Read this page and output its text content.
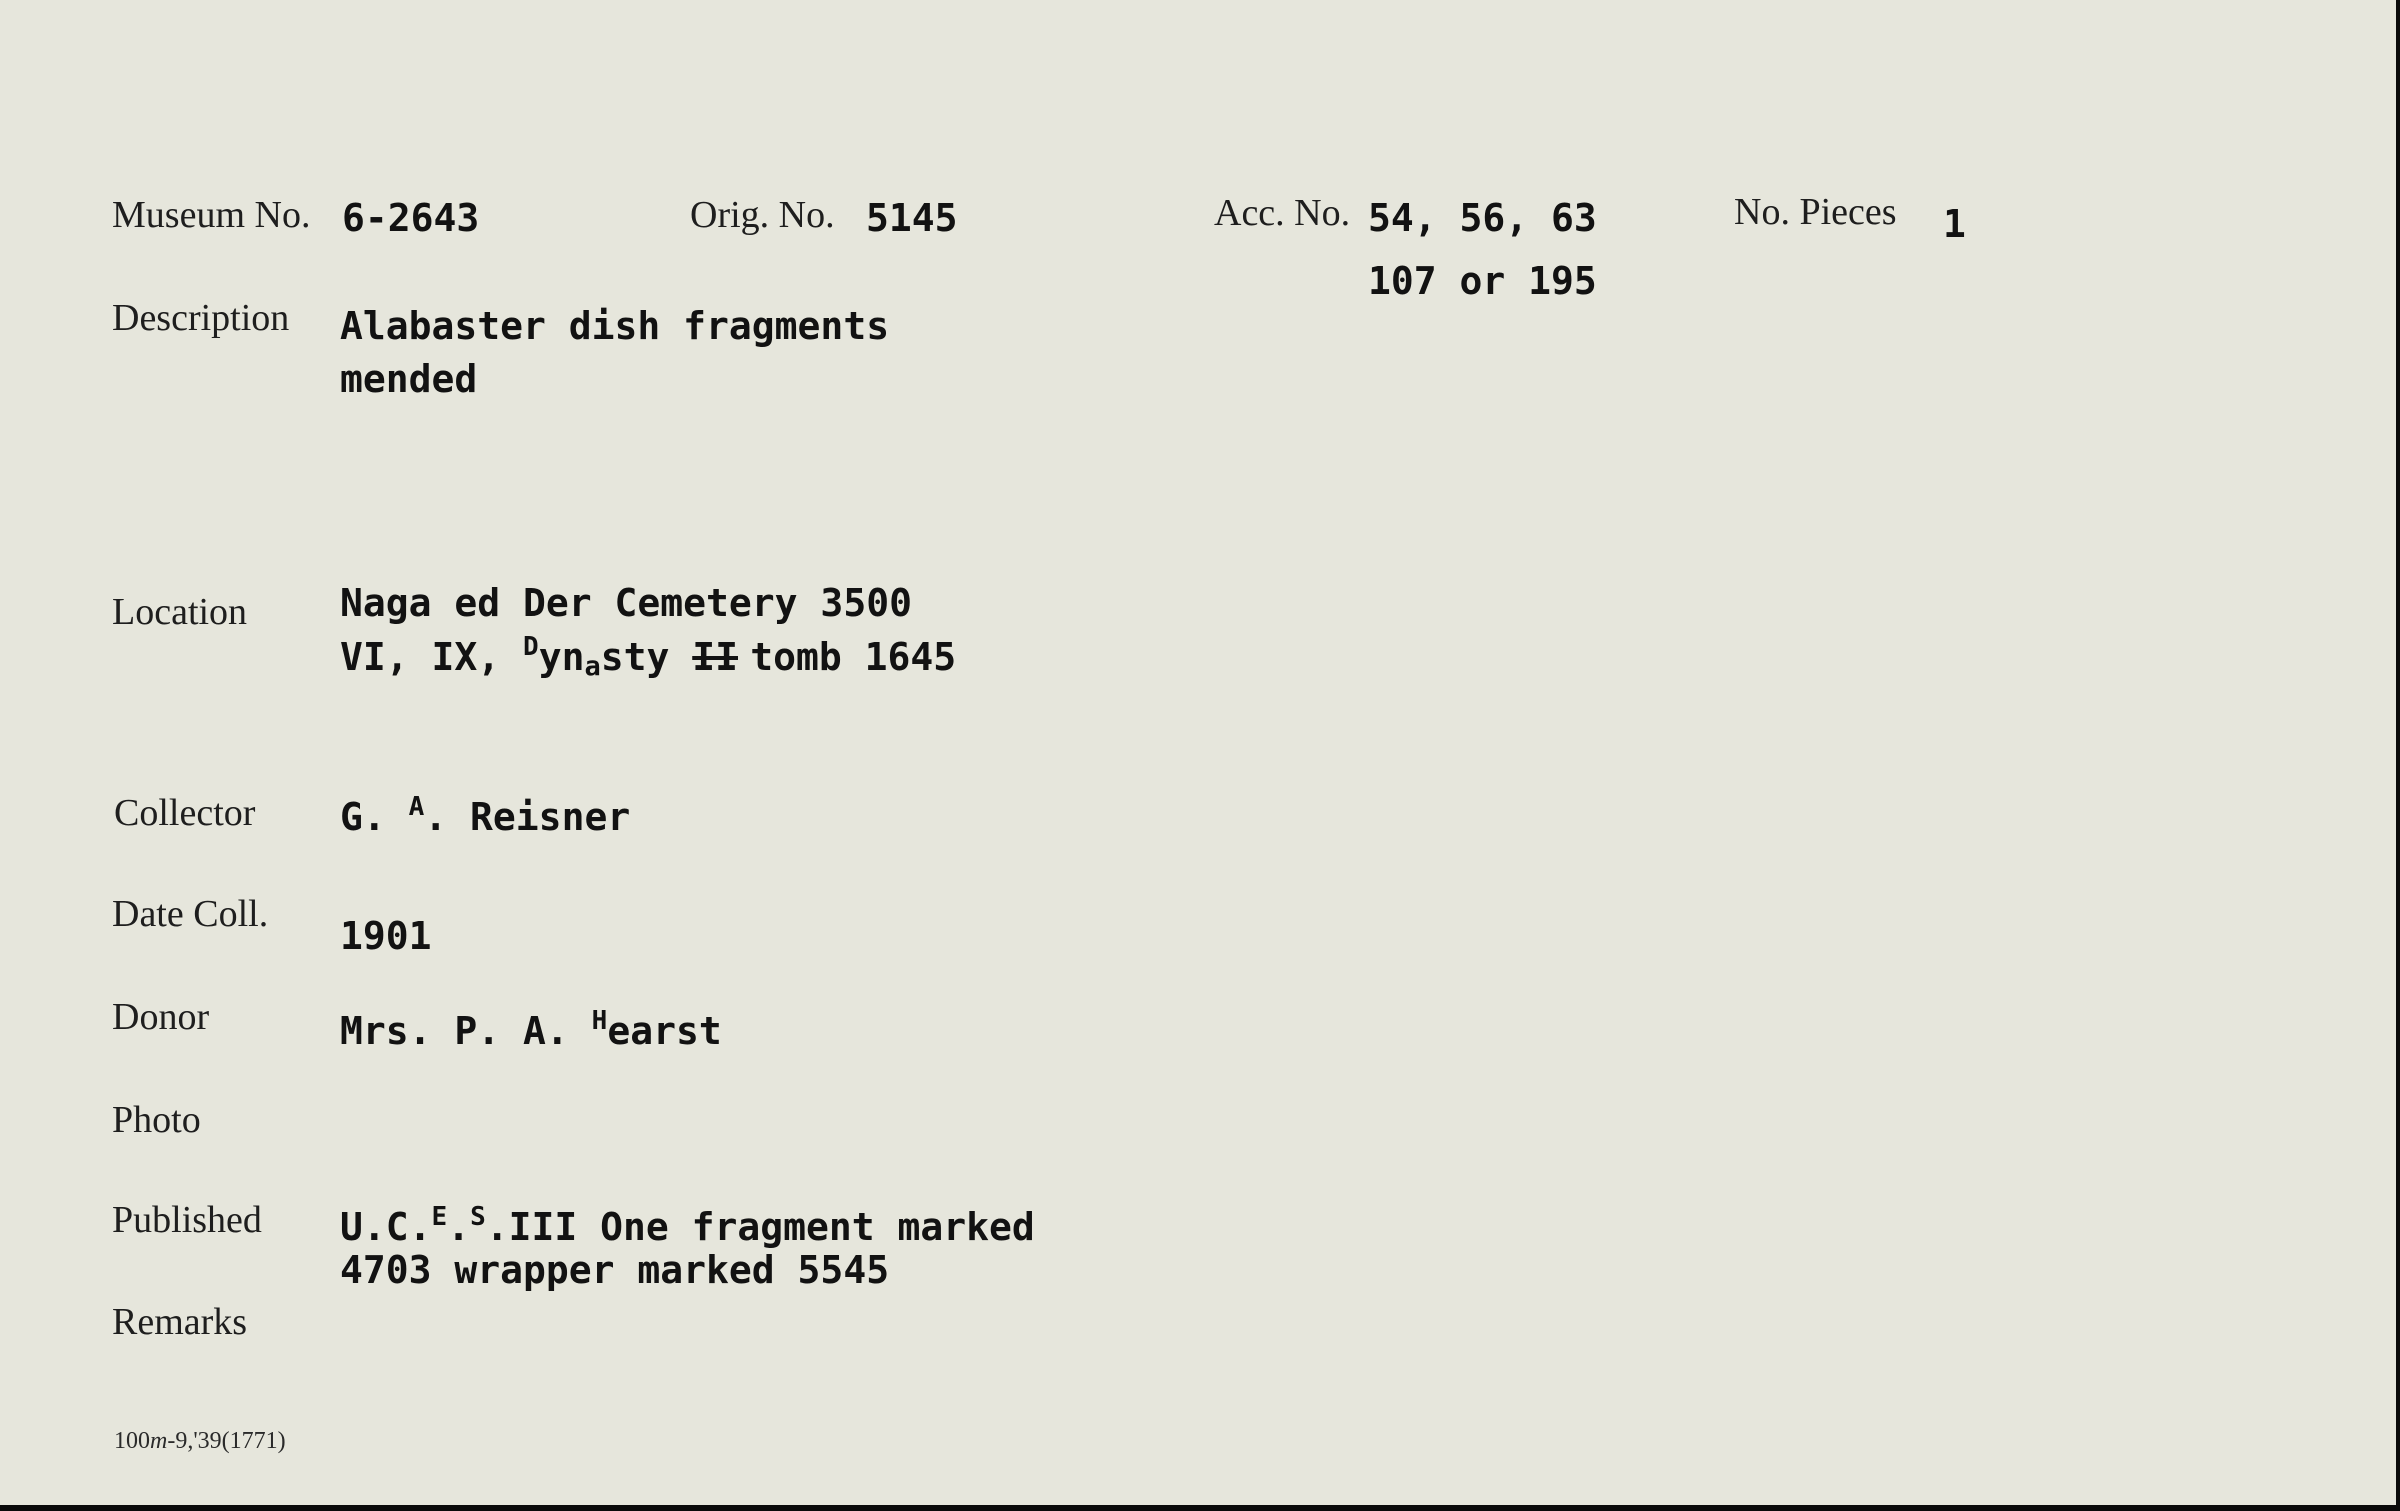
Museum No. 6-2643	Orig. No. 5145	Acc. No. 54, 56, 63
107 or 195
No. Pieces 1
Description Alabaster dish fragments
mended
Location Naga ed Der Cemetery 3500
VI, IX, $^D$ynasty II tomb 1645
Collector G. $^A$. Reisner
Date Coll. 1901
Donor	Mrs. P. A. $^H$earst
Photo
Published U.C.$^E$.$^S$.III One fragment marked
4703 wrapper marked 5545
Remarks
100m-9,'39(1771)
